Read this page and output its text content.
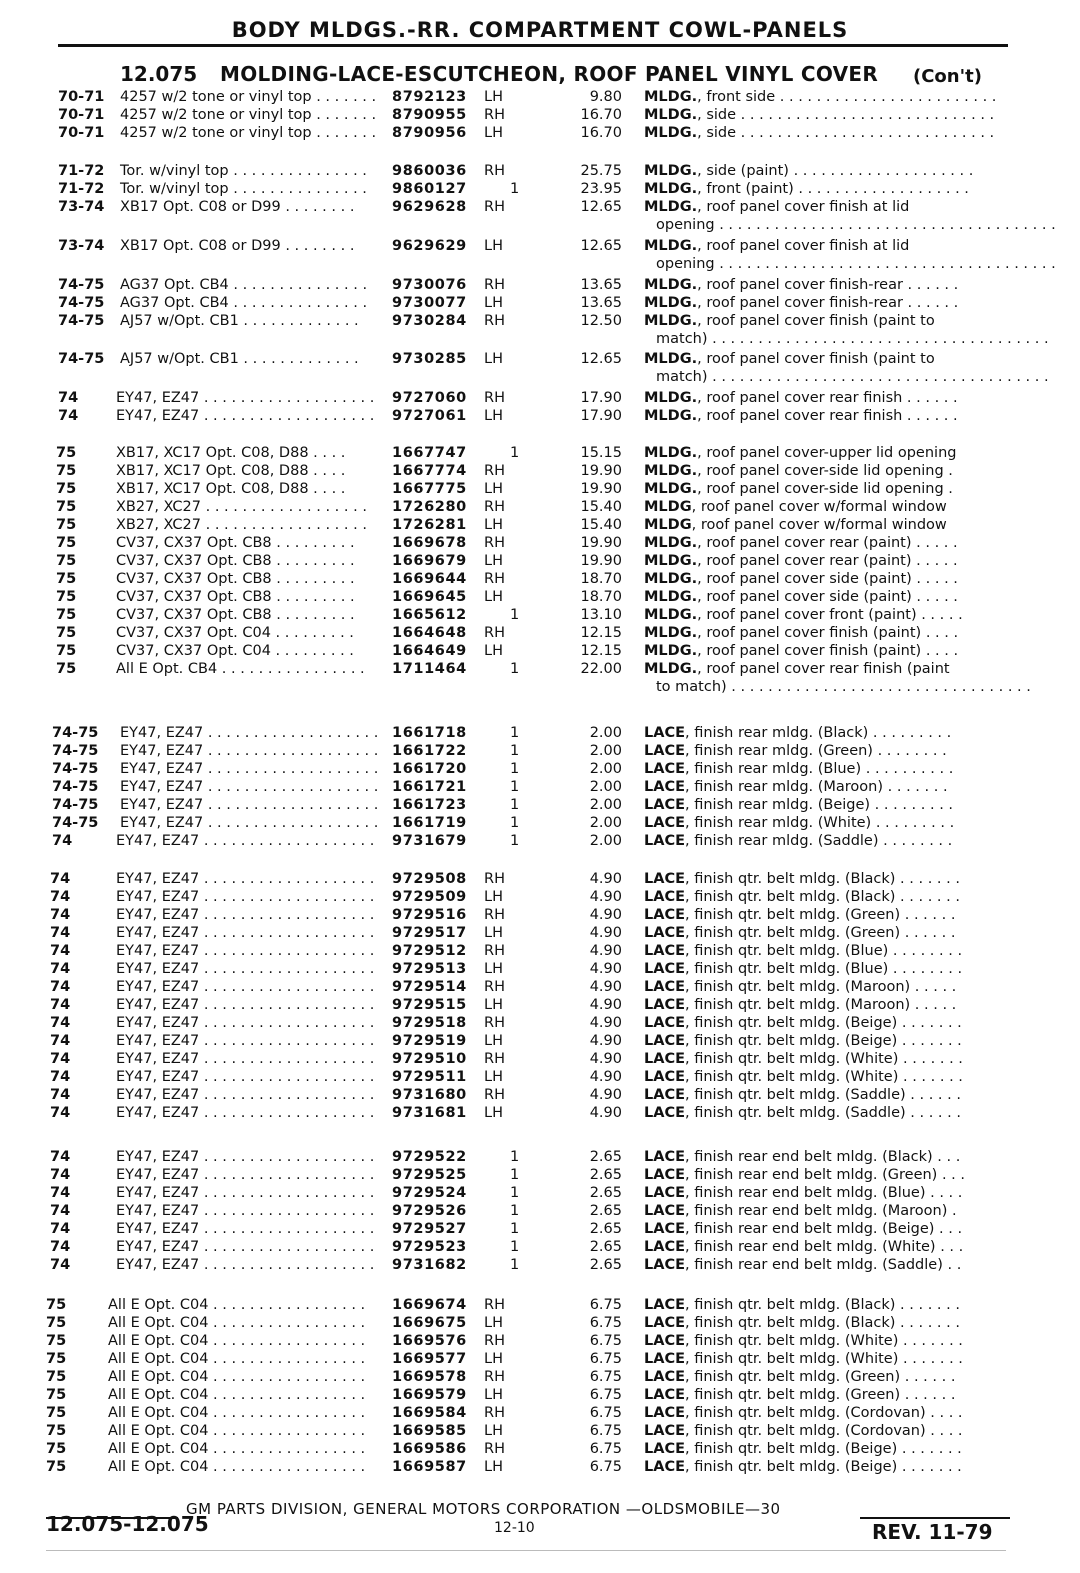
BODY MLDGS.-RR. COMPARTMENT COWL-PANELS
12.075 MOLDING-LACE-ESCUTCHEON, ROOF PANEL VINYL COVER (Con't)
70-71 4257 w/2 tone or vinyl top . . . . . . .	8792123 LH	9.80 MLDG., front side . . . . . . . . . . . . . . . . . . . . . . . .
70-71 4257 w/2 tone or vinyl top . . . . . . .	8790955 RH	16.70 MLDG., side . . . . . . . . . . . . . . . . . . . . . . . . . . . .
70-71 4257 w/2 tone or vinyl top . . . . . . .	8790956 LH	16.70 MLDG., side . . . . . . . . . . . . . . . . . . . . . . . . . . . .
71-72 Tor. w/vinyl top . . . . . . . . . . . . . . .	9860036 RH	25.75 MLDG., side (paint) . . . . . . . . . . . . . . . . . . . .
71-72 Tor. w/vinyl top . . . . . . . . . . . . . . .	9860127	1	23.95 MLDG., front (paint) . . . . . . . . . . . . . . . . . . .
73-74 XB17 Opt. C08 or D99 . . . . . . . .	9629628 RH	12.65 MLDG., roof panel cover finish at lid
opening . . . . . . . . . . . . . . . . . . . . . . . . . . . . . . . . . . . . .
73-74 XB17 Opt. C08 or D99 . . . . . . . .	9629629 LH	12.65 MLDG., roof panel cover finish at lid
opening . . . . . . . . . . . . . . . . . . . . . . . . . . . . . . . . . . . . .
74-75 AG37 Opt. CB4 . . . . . . . . . . . . . . .	9730076 RH	13.65 MLDG., roof panel cover finish-rear . . . . . .
74-75 AG37 Opt. CB4 . . . . . . . . . . . . . . .	9730077 LH	13.65 MLDG., roof panel cover finish-rear . . . . . .
74-75 AJ57 w/Opt. CB1 . . . . . . . . . . . . .	9730284 RH	12.50 MLDG., roof panel cover finish (paint to
match) . . . . . . . . . . . . . . . . . . . . . . . . . . . . . . . . . . . . .
74-75 AJ57 w/Opt. CB1 . . . . . . . . . . . . .	9730285 LH	12.65 MLDG., roof panel cover finish (paint to
match) . . . . . . . . . . . . . . . . . . . . . . . . . . . . . . . . . . . . .
74	EY47, EZ47 . . . . . . . . . . . . . . . . . . .	9727060 RH	17.90 MLDG., roof panel cover rear finish . . . . . .
74	EY47, EZ47 . . . . . . . . . . . . . . . . . . .	9727061 LH	17.90 MLDG., roof panel cover rear finish . . . . . .
75	XB17, XC17 Opt. C08, D88 . . . .	1667747	1	15.15 MLDG., roof panel cover-upper lid opening
75	XB17, XC17 Opt. C08, D88 . . . .	1667774 RH	19.90 MLDG., roof panel cover-side lid opening .
75	XB17, XC17 Opt. C08, D88 . . . .	1667775 LH	19.90 MLDG., roof panel cover-side lid opening .
75	XB27, XC27 . . . . . . . . . . . . . . . . . .	1726280 RH	15.40 MLDG, roof panel cover w/formal window
75	XB27, XC27 . . . . . . . . . . . . . . . . . .	1726281 LH	15.40 MLDG, roof panel cover w/formal window
75	CV37, CX37 Opt. CB8 . . . . . . . . .	1669678 RH	19.90 MLDG., roof panel cover rear (paint) . . . . .
75	CV37, CX37 Opt. CB8 . . . . . . . . .	1669679 LH	19.90 MLDG., roof panel cover rear (paint) . . . . .
75	CV37, CX37 Opt. CB8 . . . . . . . . .	1669644 RH	18.70 MLDG., roof panel cover side (paint) . . . . .
75	CV37, CX37 Opt. CB8 . . . . . . . . .	1669645 LH	18.70 MLDG., roof panel cover side (paint) . . . . .
75	CV37, CX37 Opt. CB8 . . . . . . . . .	1665612	1	13.10 MLDG., roof panel cover front (paint) . . . . .
75	CV37, CX37 Opt. C04 . . . . . . . . .	1664648 RH	12.15 MLDG., roof panel cover finish (paint) . . . .
75	CV37, CX37 Opt. C04 . . . . . . . . .	1664649 LH	12.15 MLDG., roof panel cover finish (paint) . . . .
75	All E Opt. CB4 . . . . . . . . . . . . . . . .	1711464	1	22.00 MLDG., roof panel cover rear finish (paint
to match) . . . . . . . . . . . . . . . . . . . . . . . . . . . . . . . . .
74-75 EY47, EZ47 . . . . . . . . . . . . . . . . . . . 1661718	1	2.00 LACE, finish rear mldg. (Black) . . . . . . . . .
74-75 EY47, EZ47 . . . . . . . . . . . . . . . . . . . 1661722	1	2.00 LACE, finish rear mldg. (Green) . . . . . . . .
74-75 EY47, EZ47 . . . . . . . . . . . . . . . . . . . 1661720	1	2.00 LACE, finish rear mldg. (Blue) . . . . . . . . . .
74-75 EY47, EZ47 . . . . . . . . . . . . . . . . . . . 1661721	1	2.00 LACE, finish rear mldg. (Maroon) . . . . . . .
74-75 EY47, EZ47 . . . . . . . . . . . . . . . . . . . 1661723	1	2.00 LACE, finish rear mldg. (Beige) . . . . . . . . .
74-75 EY47, EZ47 . . . . . . . . . . . . . . . . . . . 1661719	1	2.00 LACE, finish rear mldg. (White) . . . . . . . . .
74	EY47, EZ47 . . . . . . . . . . . . . . . . . . .	9731679	1	2.00 LACE, finish rear mldg. (Saddle) . . . . . . . .
74	EY47, EZ47 . . . . . . . . . . . . . . . . . . .	9729508 RH	4.90 LACE, finish qtr. belt mldg. (Black) . . . . . . .
74	EY47, EZ47 . . . . . . . . . . . . . . . . . . .	9729509 LH	4.90 LACE, finish qtr. belt mldg. (Black) . . . . . . .
74	EY47, EZ47 . . . . . . . . . . . . . . . . . . .	9729516 RH	4.90 LACE, finish qtr. belt mldg. (Green) . . . . . .
74	EY47, EZ47 . . . . . . . . . . . . . . . . . . .	9729517 LH	4.90 LACE, finish qtr. belt mldg. (Green) . . . . . .
74	EY47, EZ47 . . . . . . . . . . . . . . . . . . .	9729512 RH	4.90 LACE, finish qtr. belt mldg. (Blue) . . . . . . . .
74	EY47, EZ47 . . . . . . . . . . . . . . . . . . .	9729513 LH	4.90 LACE, finish qtr. belt mldg. (Blue) . . . . . . . .
74	EY47, EZ47 . . . . . . . . . . . . . . . . . . .	9729514 RH	4.90 LACE, finish qtr. belt mldg. (Maroon) . . . . .
74	EY47, EZ47 . . . . . . . . . . . . . . . . . . .	9729515 LH	4.90 LACE, finish qtr. belt mldg. (Maroon) . . . . .
74	EY47, EZ47 . . . . . . . . . . . . . . . . . . .	9729518 RH	4.90 LACE, finish qtr. belt mldg. (Beige) . . . . . . .
74	EY47, EZ47 . . . . . . . . . . . . . . . . . . .	9729519 LH	4.90 LACE, finish qtr. belt mldg. (Beige) . . . . . . .
74	EY47, EZ47 . . . . . . . . . . . . . . . . . . .	9729510 RH	4.90 LACE, finish qtr. belt mldg. (White) . . . . . . .
74	EY47, EZ47 . . . . . . . . . . . . . . . . . . .	9729511 LH	4.90 LACE, finish qtr. belt mldg. (White) . . . . . . .
74	EY47, EZ47 . . . . . . . . . . . . . . . . . . .	9731680 RH	4.90 LACE, finish qtr. belt mldg. (Saddle) . . . . . .
74	EY47, EZ47 . . . . . . . . . . . . . . . . . . .	9731681 LH	4.90 LACE, finish qtr. belt mldg. (Saddle) . . . . . .
74	EY47, EZ47 . . . . . . . . . . . . . . . . . . .	9729522	1	2.65 LACE, finish rear end belt mldg. (Black) . . .
74	EY47, EZ47 . . . . . . . . . . . . . . . . . . .	9729525	1	2.65 LACE, finish rear end belt mldg. (Green) . . .
74	EY47, EZ47 . . . . . . . . . . . . . . . . . . .	9729524	1	2.65 LACE, finish rear end belt mldg. (Blue) . . . .
74	EY47, EZ47 . . . . . . . . . . . . . . . . . . .	9729526	1	2.65 LACE, finish rear end belt mldg. (Maroon) .
74	EY47, EZ47 . . . . . . . . . . . . . . . . . . .	9729527	1	2.65 LACE, finish rear end belt mldg. (Beige) . . .
74	EY47, EZ47 . . . . . . . . . . . . . . . . . . .	9729523	1	2.65 LACE, finish rear end belt mldg. (White) . . .
74	EY47, EZ47 . . . . . . . . . . . . . . . . . . .	9731682	1	2.65 LACE, finish rear end belt mldg. (Saddle) . .
75	All E Opt. C04 . . . . . . . . . . . . . . . . .	1669674 RH	6.75 LACE, finish qtr. belt mldg. (Black) . . . . . . .
75	All E Opt. C04 . . . . . . . . . . . . . . . . .	1669675 LH	6.75 LACE, finish qtr. belt mldg. (Black) . . . . . . .
75	All E Opt. C04 . . . . . . . . . . . . . . . . .	1669576 RH	6.75 LACE, finish qtr. belt mldg. (White) . . . . . . .
75	All E Opt. C04 . . . . . . . . . . . . . . . . .	1669577 LH	6.75 LACE, finish qtr. belt mldg. (White) . . . . . . .
75	All E Opt. C04 . . . . . . . . . . . . . . . . .	1669578 RH	6.75 LACE, finish qtr. belt mldg. (Green) . . . . . .
75	All E Opt. C04 . . . . . . . . . . . . . . . . .	1669579 LH	6.75 LACE, finish qtr. belt mldg. (Green) . . . . . .
75	All E Opt. C04 . . . . . . . . . . . . . . . . .	1669584 RH	6.75 LACE, finish qtr. belt mldg. (Cordovan) . . . .
75	All E Opt. C04 . . . . . . . . . . . . . . . . .	1669585 LH	6.75 LACE, finish qtr. belt mldg. (Cordovan) . . . .
75	All E Opt. C04 . . . . . . . . . . . . . . . . .	1669586 RH	6.75 LACE, finish qtr. belt mldg. (Beige) . . . . . . .
75	All E Opt. C04 . . . . . . . . . . . . . . . . .	1669587 LH	6.75 LACE, finish qtr. belt mldg. (Beige) . . . . . . .
12.075-12.075
GM PARTS DIVISION, GENERAL MOTORS CORPORATION —OLDSMOBILE—30
12-10	REV. 11-79
